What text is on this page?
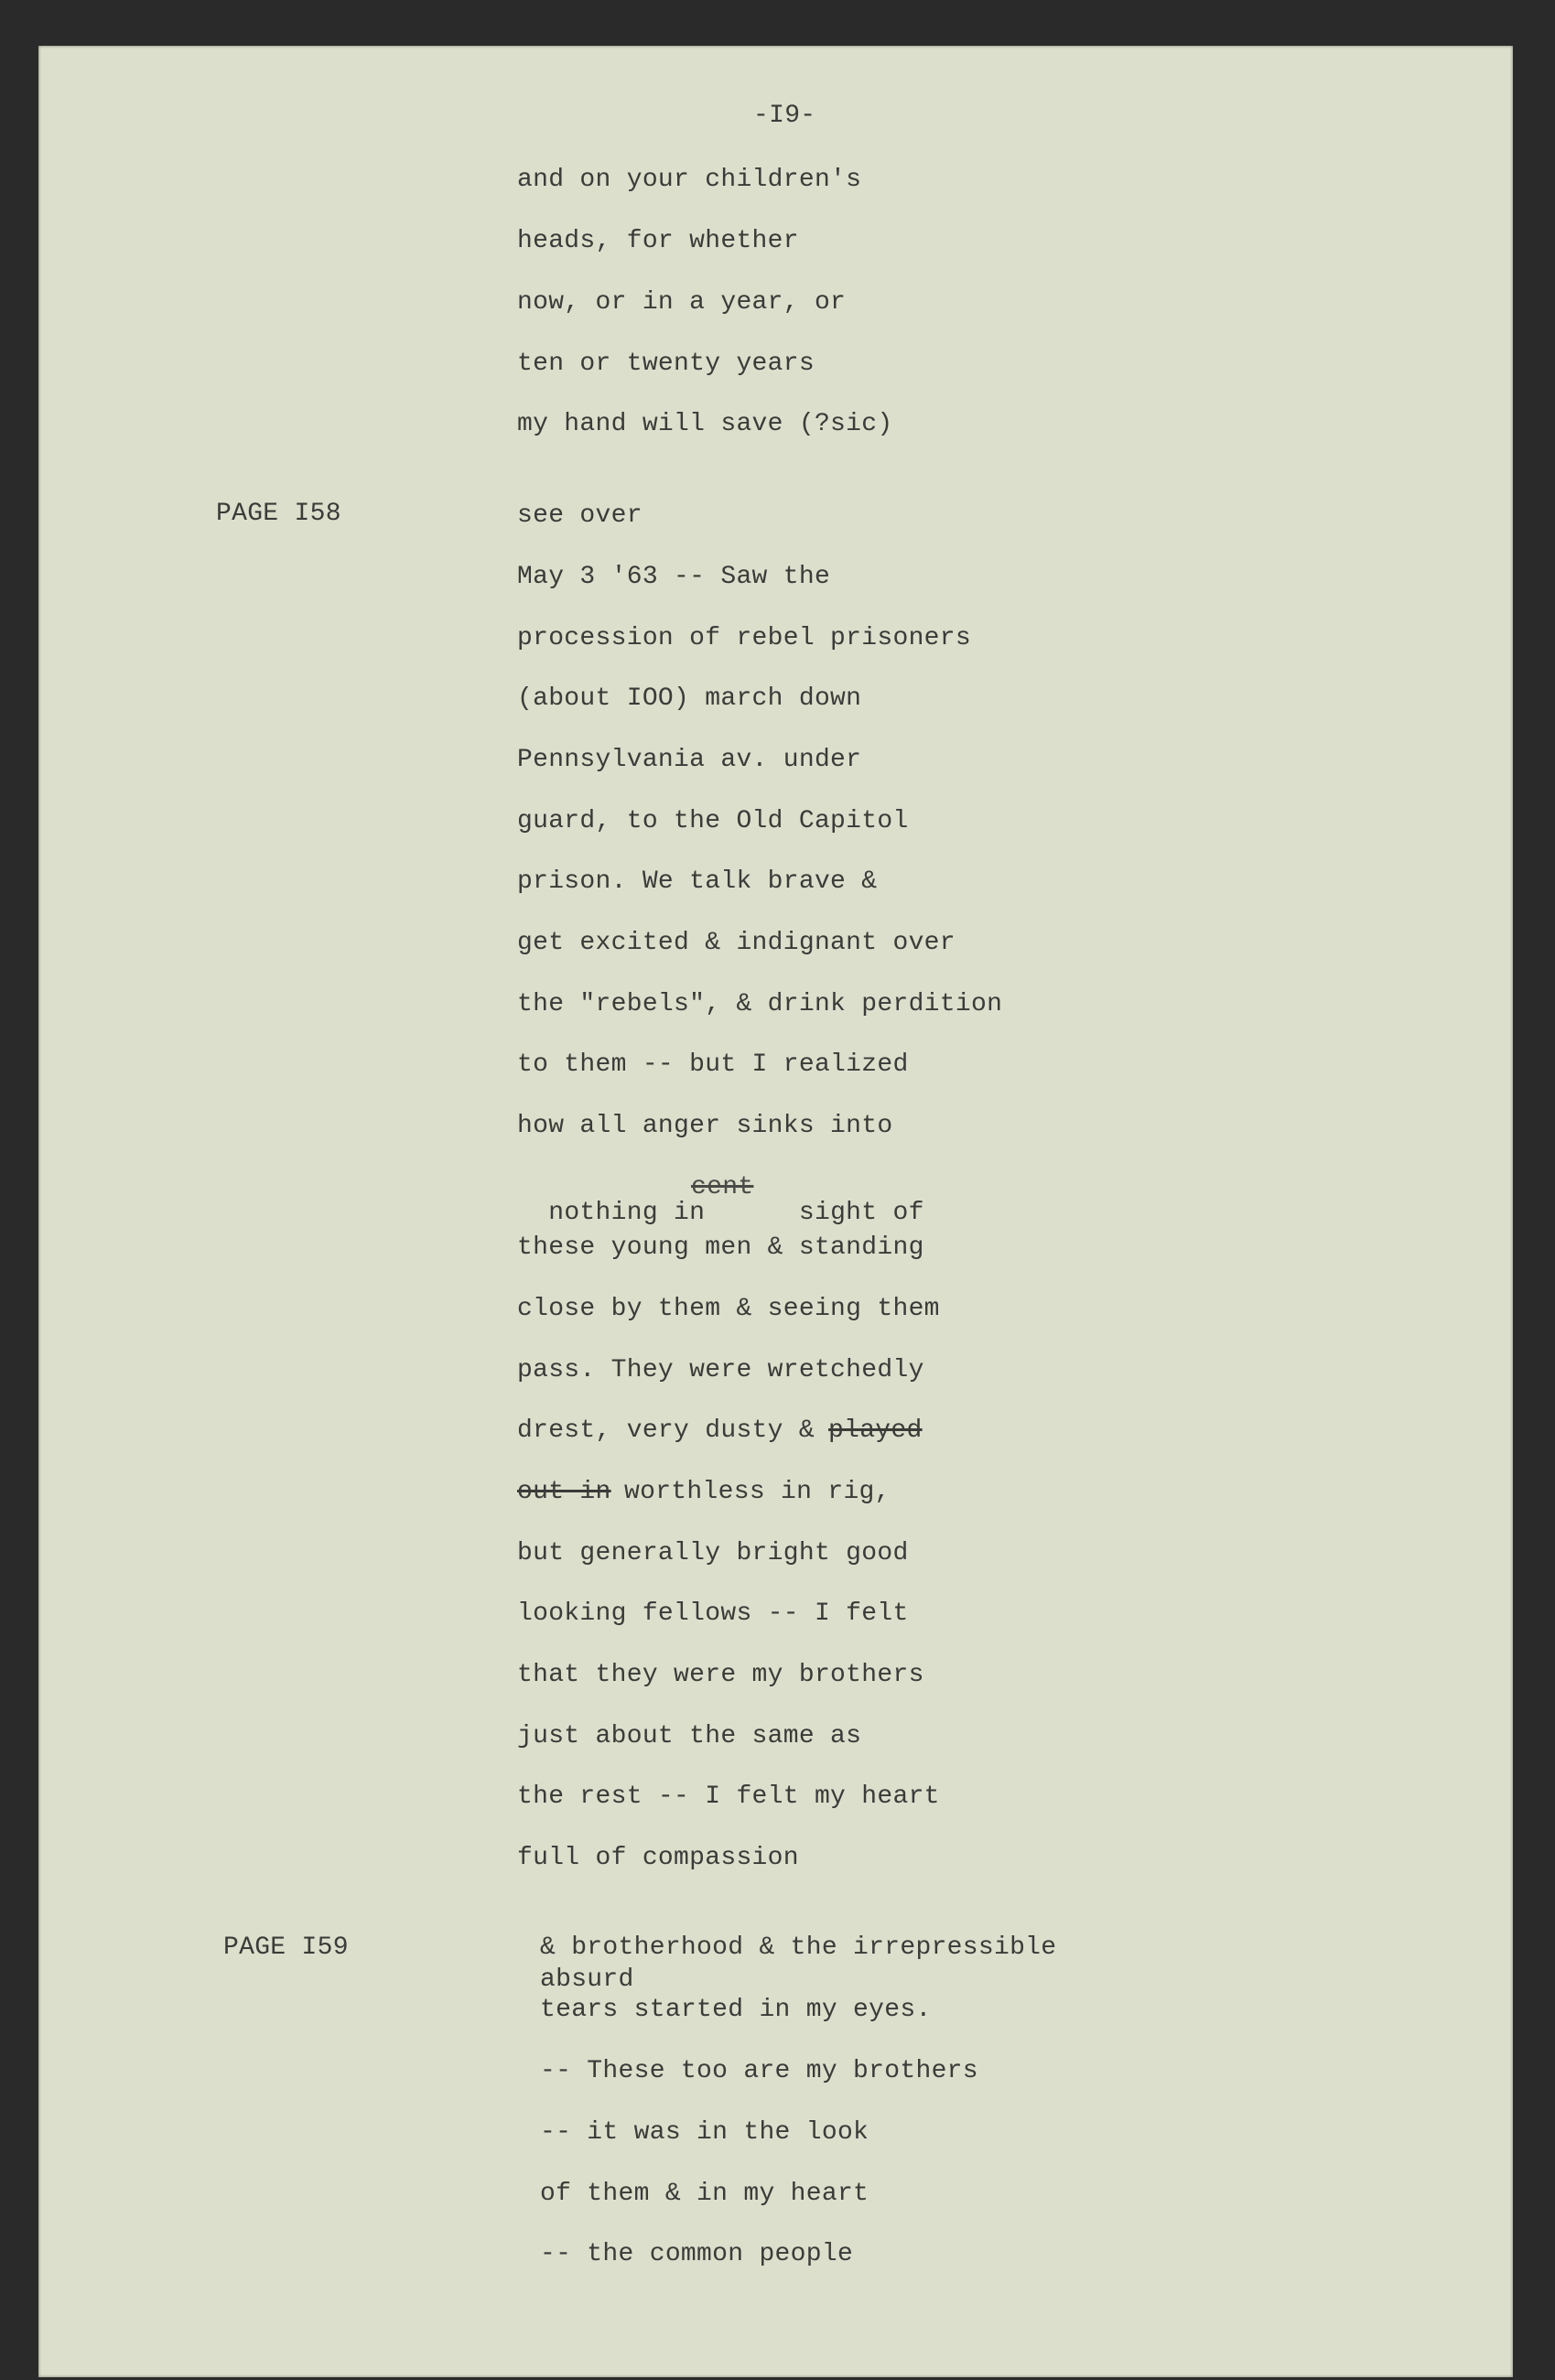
-I9-
and on your children's
heads, for whether
now, or in a year, or
ten or twenty years
my hand will save (?sic)
PAGE I58	see over
May 3 '63 -- Saw the
procession of rebel prisoners
(about IOO) march down
Pennsylvania av. under
guard, to the Old Capitol
prison. We talk brave &
get excited & indignant over
the "rebels", & drink perdition
to them -- but I realized
how all anger sinks into

nothing in      sight of

cent
these young men & standing
close by them & seeing them
pass. They were wretchedly
drest, very dusty & played
out-in worthless in rig,
but generally bright good
looking fellows -- I felt
that they were my brothers
just about the same as
the rest -- I felt my heart
full of compassion
PAGE I59	& brotherhood & the irrepressible
absurd
tears started in my eyes.
-- These too are my brothers
-- it was in the look
of them & in my heart
-- the common people
